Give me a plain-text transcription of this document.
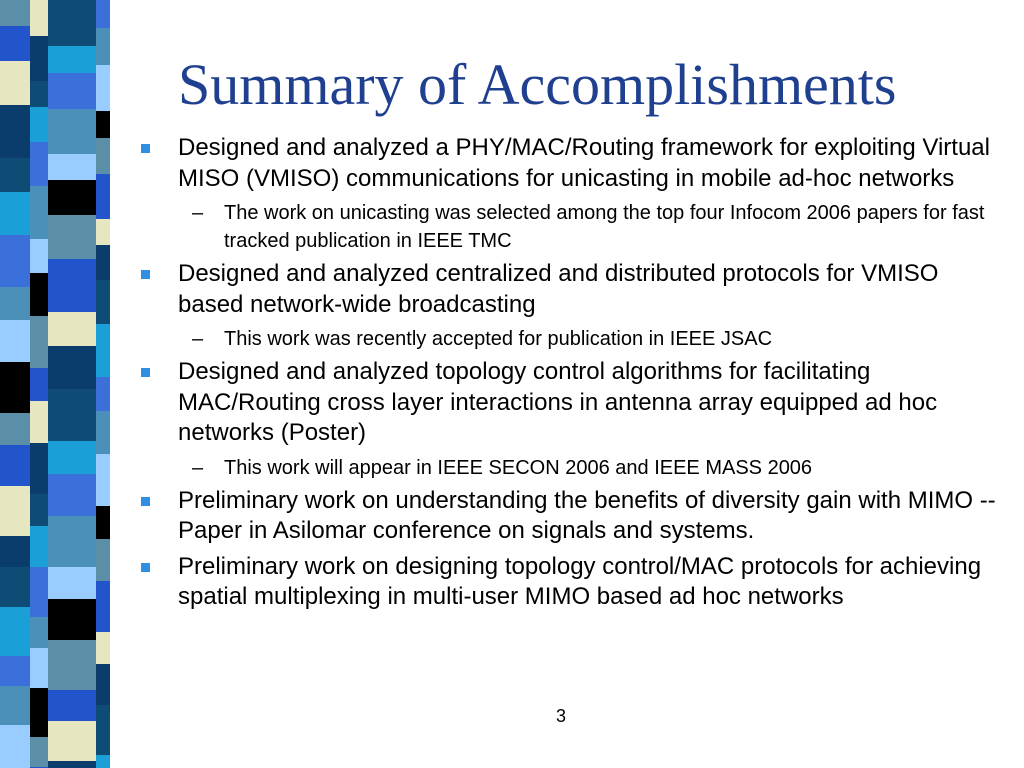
Summary of Accomplishments
Designed and analyzed a PHY/MAC/Routing framework for exploiting Virtual MISO (VMISO) communications for unicasting in mobile ad-hoc networks
– The work on unicasting was selected among the top four Infocom 2006 papers for fast tracked publication in IEEE TMC
Designed and analyzed centralized and distributed protocols for VMISO based network-wide broadcasting
– This work was recently accepted for publication in IEEE JSAC
Designed and analyzed topology control algorithms for facilitating MAC/Routing cross layer interactions in antenna array equipped ad hoc networks (Poster)
– This work will appear in IEEE SECON 2006 and IEEE MASS 2006
Preliminary work on understanding the benefits of diversity gain with MIMO -- Paper in Asilomar conference on signals and systems.
Preliminary work on designing topology control/MAC protocols for achieving spatial multiplexing in multi-user MIMO based ad hoc networks
3
